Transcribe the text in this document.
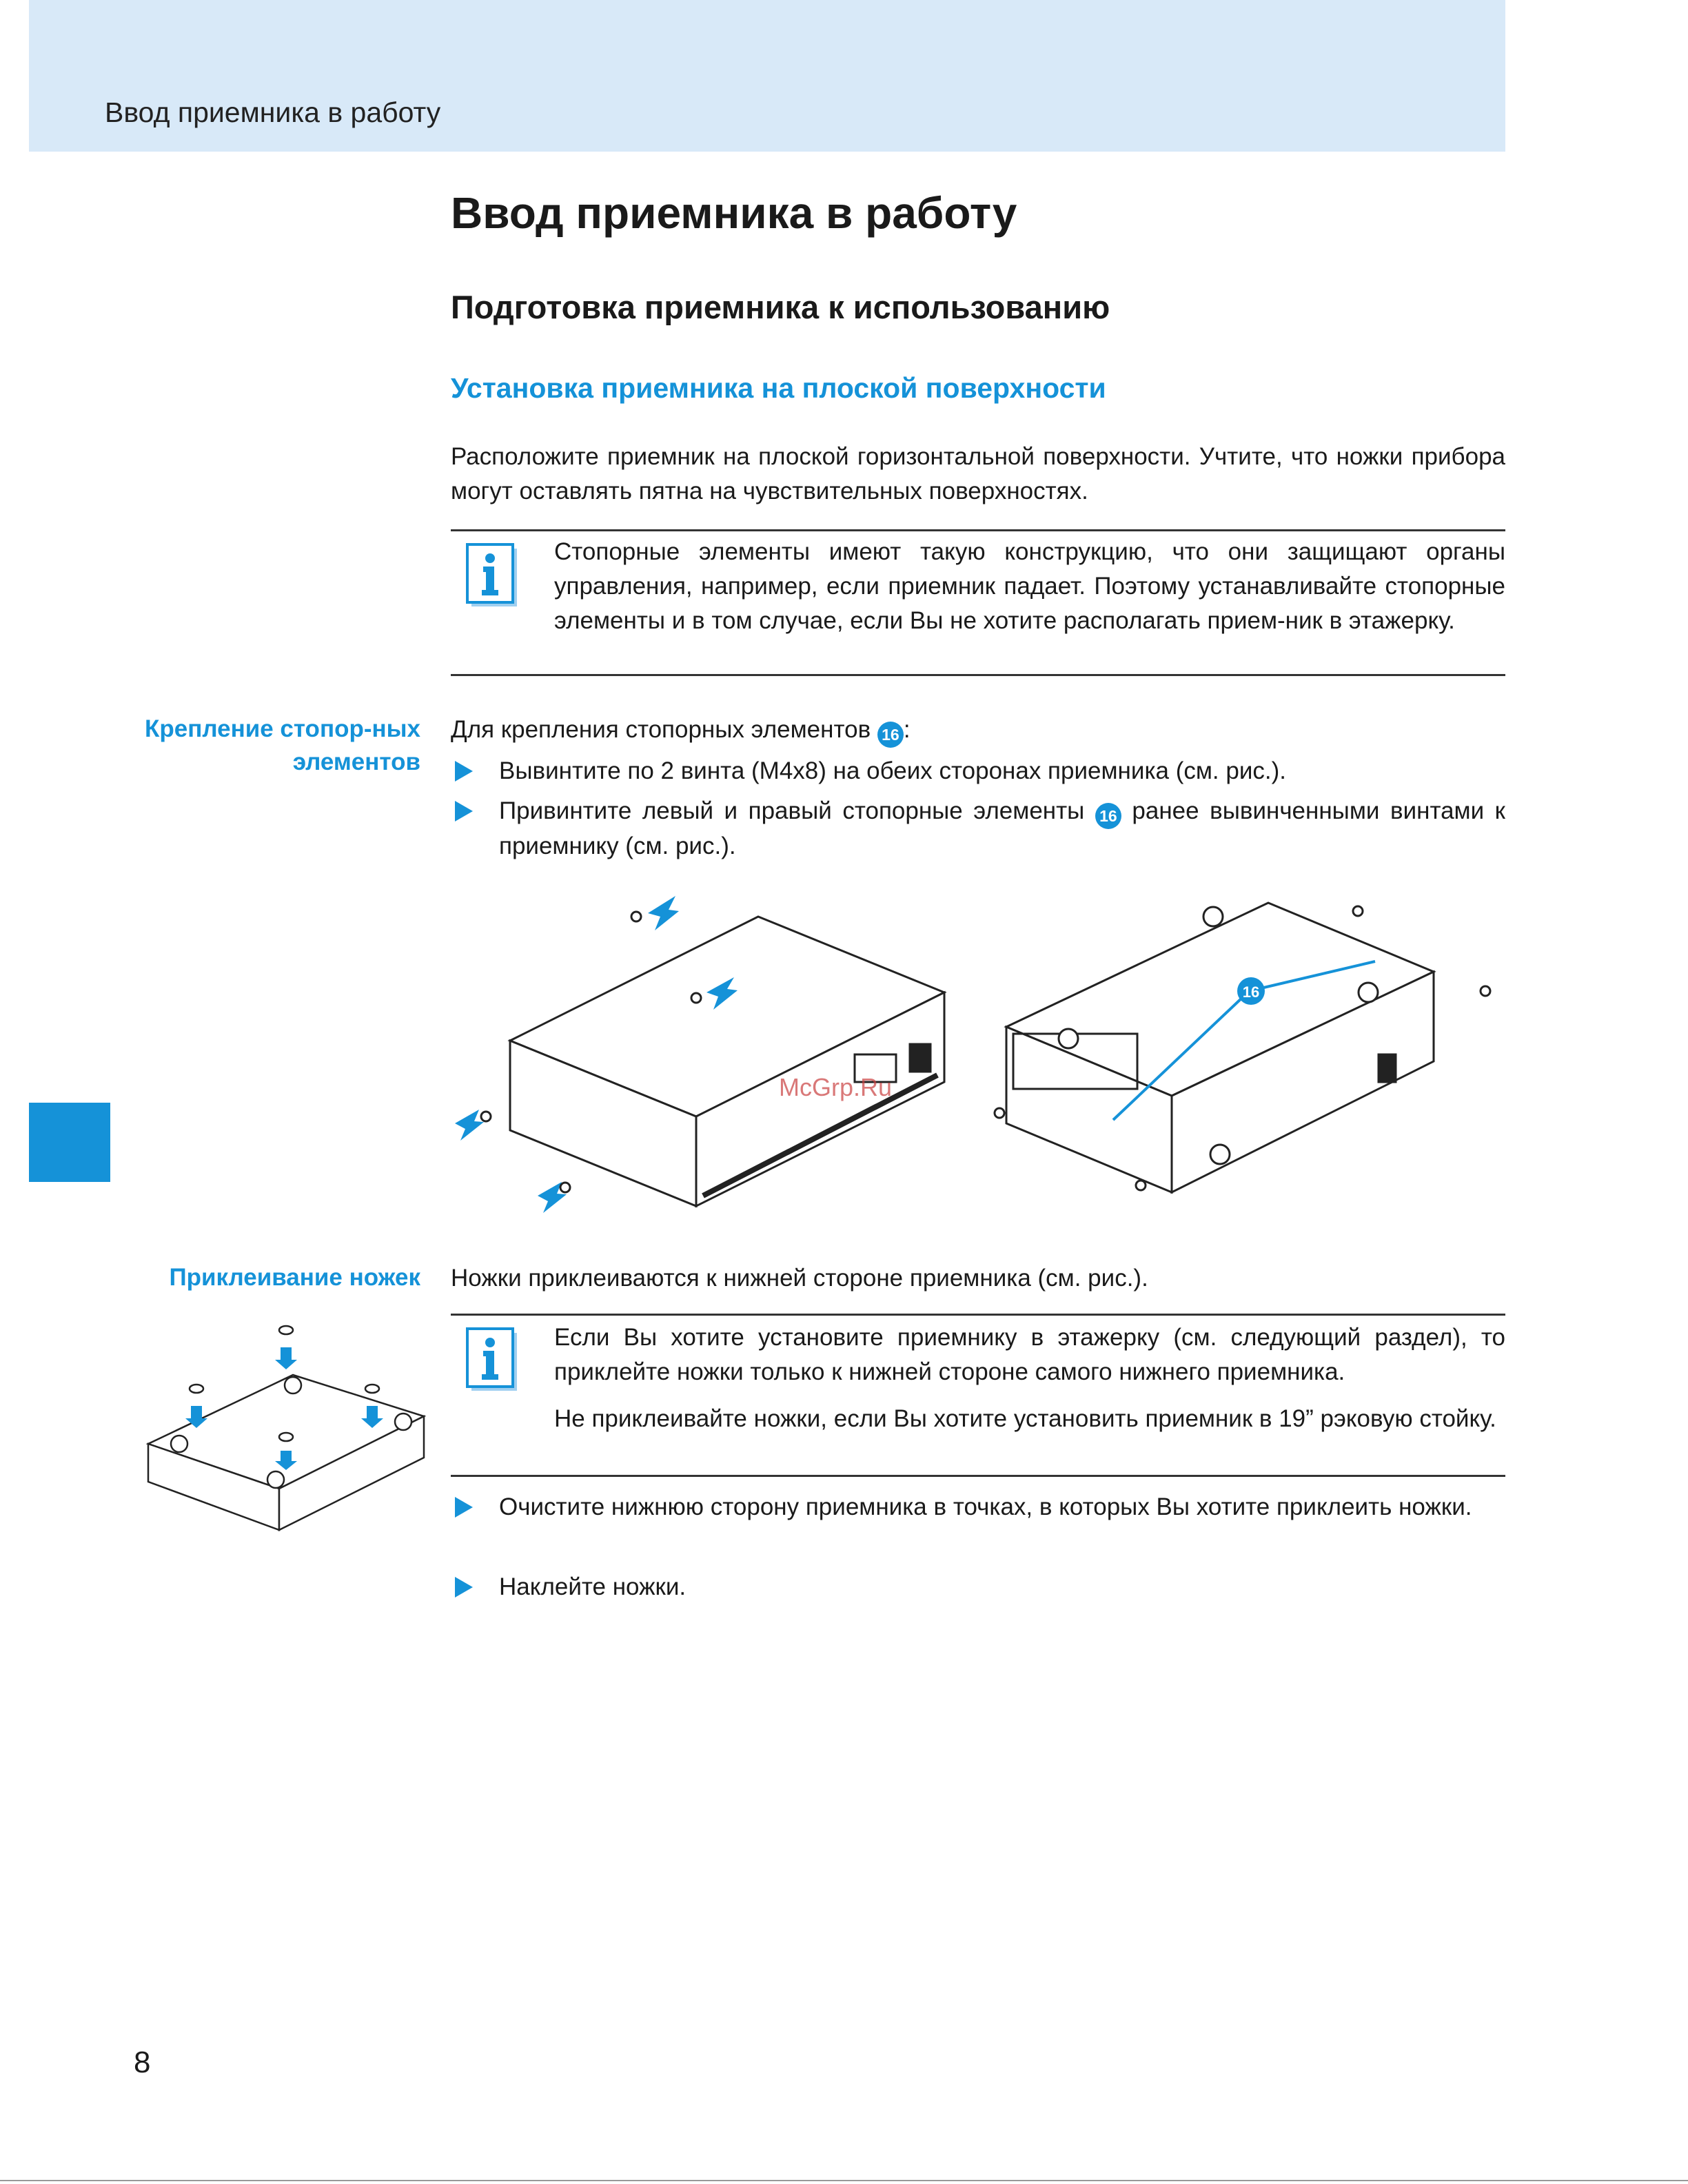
Ввод приемника в работу
Ввод приемника в работу
Подготовка приемника к использованию
Установка приемника на плоской поверхности

Расположите приемник на плоской горизонтальной поверхности. Учтите, что ножки прибора могут оставлять пятна на чувствительных поверхностях.

Стопорные элементы имеют такую конструкцию, что они защищают органы управления, например, если приемник падает. Поэтому устанавливайте стопорные элементы и в том случае, если Вы не хотите располагать прием-ник в этажерку.

Крепление стопор-ных элементов

Для крепления стопорных элементов 16 :

Вывинтите по 2 винта (M4x8) на обеих сторонах приемника (см. рис.).
Привинтите левый и правый стопорные элементы 16 ранее вывинченными винтами к приемнику (см. рис.).
16
McGrp.Ru
Приклеивание ножек Ножки приклеиваются к нижней стороне приемника (см. рис.).

Если Вы хотите установите приемнику в этажерку (см. следующий раздел), то приклейте ножки только к нижней стороне самого нижнего приемника.

Не приклеивайте ножки, если Вы хотите установить приемник в 19” рэковую стойку.

Очистите нижнюю сторону приемника в точках, в которых Вы хотите приклеить ножки.
Наклейте ножки.
8
